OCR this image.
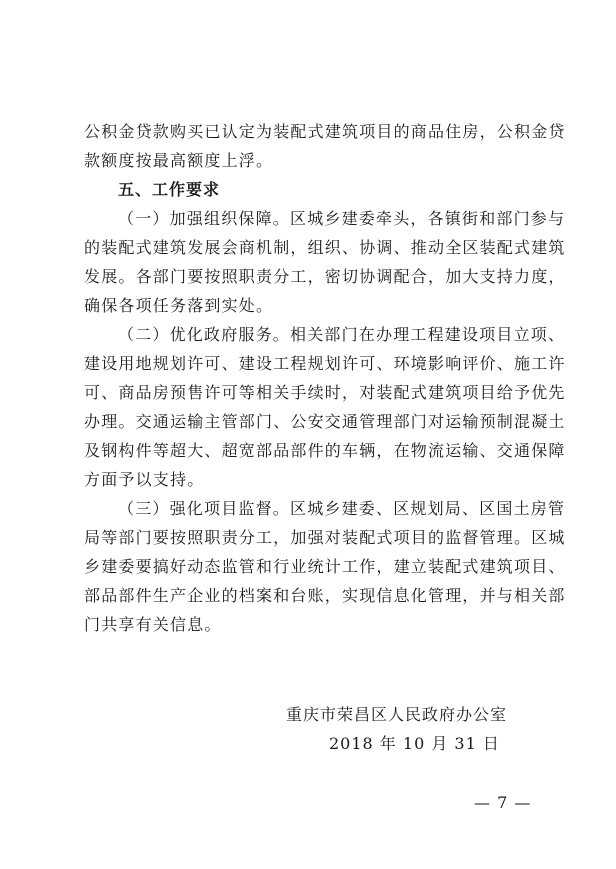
公积金贷款购买已认定为装配式建筑项目的商品住房，公积金贷
款额度按最高额度上浮。
五、工作要求
（一）加强组织保障。区城乡建委牵头，各镇街和部门参与
的装配式建筑发展会商机制，组织、协调、推动全区装配式建筑
发展。各部门要按照职责分工，密切协调配合，加大支持力度，
确保各项任务落到实处。
（二）优化政府服务。相关部门在办理工程建设项目立项、
建设用地规划许可、建设工程规划许可、环境影响评价、施工许
可、商品房预售许可等相关手续时，对装配式建筑项目给予优先
办理。交通运输主管部门、公安交通管理部门对运输预制混凝土
及钢构件等超大、超宽部品部件的车辆，在物流运输、交通保障
方面予以支持。
（三）强化项目监督。区城乡建委、区规划局、区国土房管
局等部门要按照职责分工，加强对装配式项目的监督管理。区城
乡建委要搞好动态监管和行业统计工作，建立装配式建筑项目、
部品部件生产企业的档案和台账，实现信息化管理，并与相关部
门共享有关信息。
重庆市荣昌区人民政府办公室
2018 年 10 月 31 日
— 7 —
